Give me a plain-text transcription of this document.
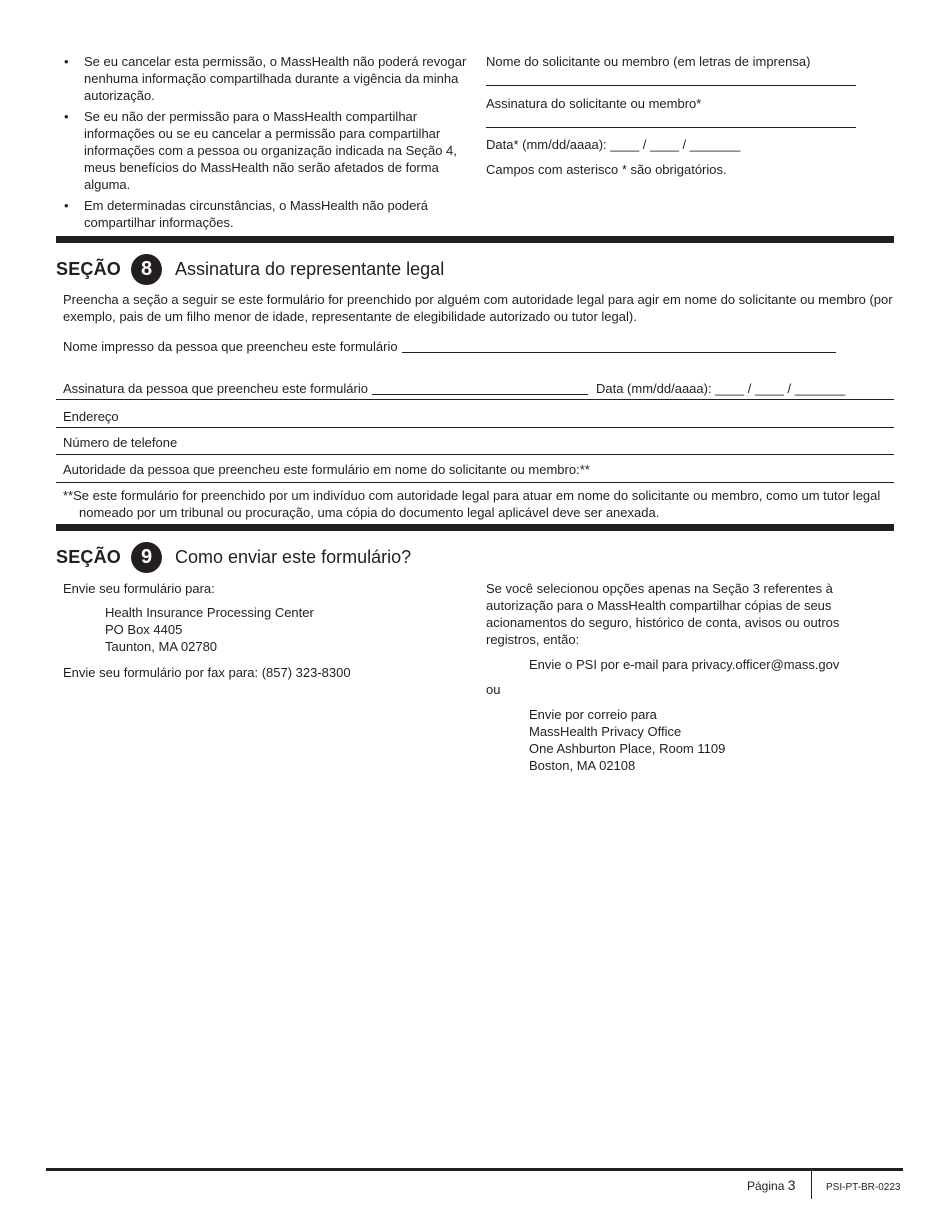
• Se eu cancelar esta permissão, o MassHealth não poderá revogar nenhuma informação compartilhada durante a vigência da minha autorização.
• Se eu não der permissão para o MassHealth compartilhar informações ou se eu cancelar a permissão para compartilhar informações com a pessoa ou organização indicada na Seção 4, meus benefícios do MassHealth não serão afetados de forma alguma.
• Em determinadas circunstâncias, o MassHealth não poderá compartilhar informações.
Nome do solicitante ou membro (em letras de imprensa)
Assinatura do solicitante ou membro*
Data* (mm/dd/aaaa): ____ / ____ / _______
Campos com asterisco * são obrigatórios.
SEÇÃO 8	Assinatura do representante legal
Preencha a seção a seguir se este formulário for preenchido por alguém com autoridade legal para agir em nome do solicitante ou membro (por exemplo, pais de um filho menor de idade, representante de elegibilidade autorizado ou tutor legal).
Nome impresso da pessoa que preencheu este formulário
Assinatura da pessoa que preencheu este formulário	Data (mm/dd/aaaa): ____ / ____ / _______
Endereço
Número de telefone
Autoridade da pessoa que preencheu este formulário em nome do solicitante ou membro:**
**Se este formulário for preenchido por um indivíduo com autoridade legal para atuar em nome do solicitante ou membro, como um tutor legal nomeado por um tribunal ou procuração, uma cópia do documento legal aplicável deve ser anexada.
SEÇÃO 9	Como enviar este formulário?
Envie seu formulário para:
Health Insurance Processing Center
PO Box 4405
Taunton, MA 02780
Envie seu formulário por fax para: (857) 323-8300
Se você selecionou opções apenas na Seção 3 referentes à autorização para o MassHealth compartilhar cópias de seus acionamentos do seguro, histórico de conta, avisos ou outros registros, então:
Envie o PSI por e-mail para privacy.officer@mass.gov
ou
Envie por correio para
MassHealth Privacy Office
One Ashburton Place, Room 1109
Boston, MA 02108
Página 3	PSI-PT-BR-0223
